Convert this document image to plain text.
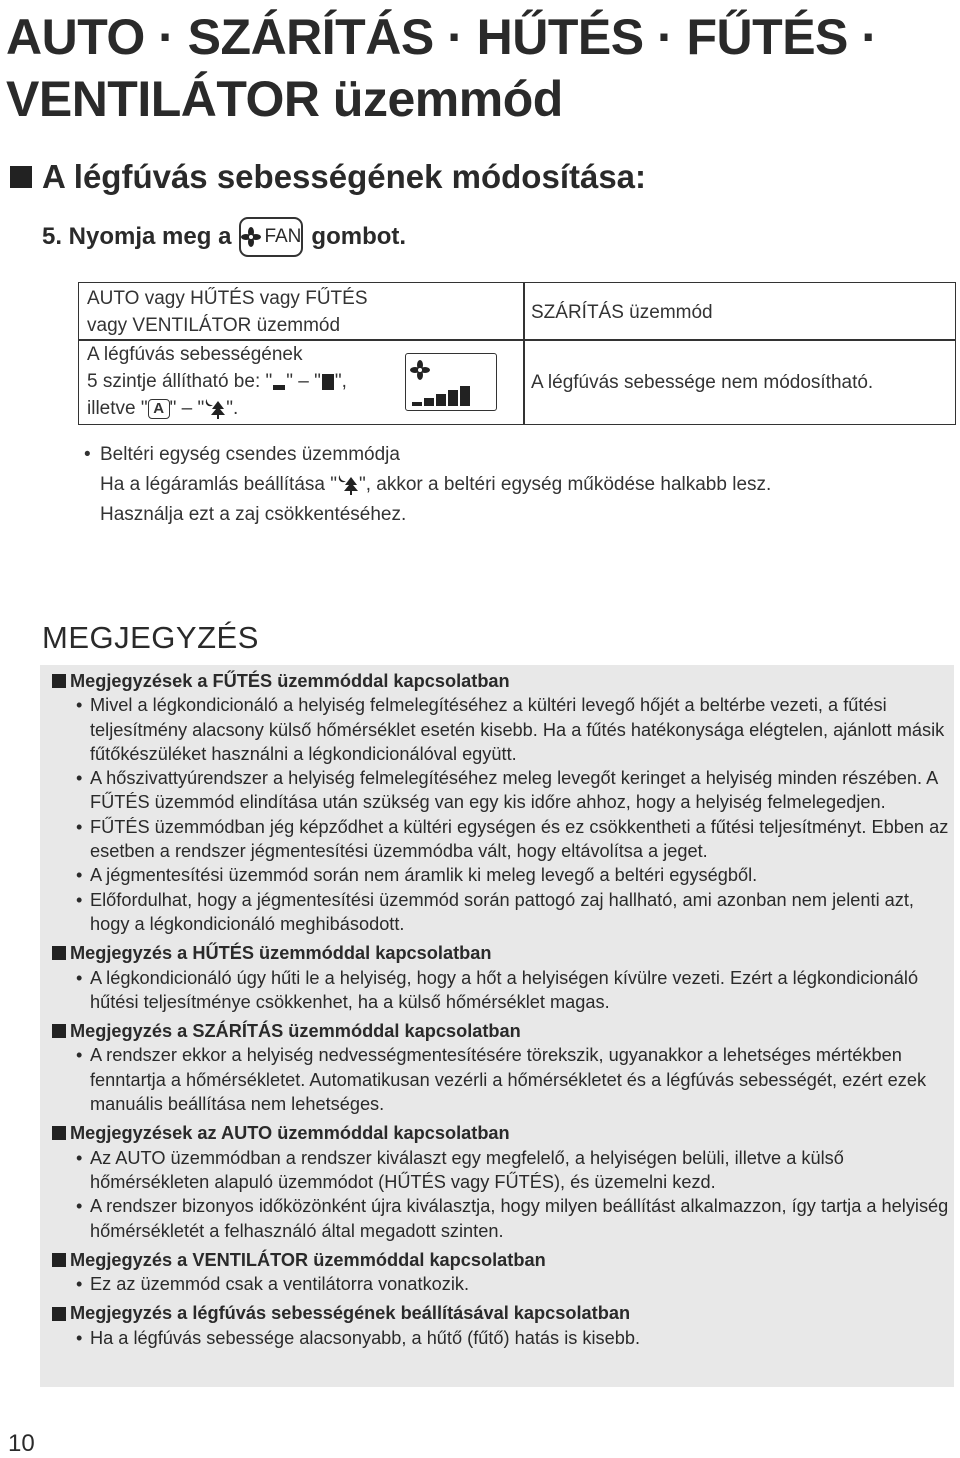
AUTO · SZÁRÍTÁS · HŰTÉS · FŰTÉS ·
VENTILÁTOR üzemmód
A légfúvás sebességének módosítása:
5. Nyomja meg a FAN gombot.
AUTO vagy HŰTÉS vagy FŰTÉS
vagy VENTILÁTOR üzemmód
A légfúvás sebességének
5 szintje állítható be: " " – " ",
illetve " A " – " ".
SZÁRÍTÁS üzemmód
A légfúvás sebessége nem módosítható.
• Beltéri egység csendes üzemmódja
Ha a légáramlás beállítása " ", akkor a beltéri egység működése halkabb lesz.
Használja ezt a zaj csökkentéséhez.
MEGJEGYZÉS
Megjegyzések a FŰTÉS üzemmóddal kapcsolatban
• Mivel a légkondicionáló a helyiség felmelegítéséhez a kültéri levegő hőjét a beltérbe vezeti, a fűtési teljesítmény alacsony külső hőmérséklet esetén kisebb. Ha a fűtés hatékonysága elégtelen, ajánlott másik fűtőkészüléket használni a légkondicionálóval együtt.
• A hőszivattyúrendszer a helyiség felmelegítéséhez meleg levegőt keringet a helyiség minden részében. A FŰTÉS üzemmód elindítása után szükség van egy kis időre ahhoz, hogy a helyiség felmelegedjen.
• FŰTÉS üzemmódban jég képződhet a kültéri egységen és ez csökkentheti a fűtési teljesítményt. Ebben az esetben a rendszer jégmentesítési üzemmódba vált, hogy eltávolítsa a jeget.
• A jégmentesítési üzemmód során nem áramlik ki meleg levegő a beltéri egységből.
• Előfordulhat, hogy a jégmentesítési üzemmód során pattogó zaj hallható, ami azonban nem jelenti azt, hogy a légkondicionáló meghibásodott.
Megjegyzés a HŰTÉS üzemmóddal kapcsolatban
• A légkondicionáló úgy hűti le a helyiség, hogy a hőt a helyiségen kívülre vezeti. Ezért a légkondicionáló hűtési teljesítménye csökkenhet, ha a külső hőmérséklet magas.
Megjegyzés a SZÁRÍTÁS üzemmóddal kapcsolatban
• A rendszer ekkor a helyiség nedvességmentesítésére törekszik, ugyanakkor a lehetséges mértékben fenntartja a hőmérsékletet. Automatikusan vezérli a hőmérsékletet és a légfúvás sebességét, ezért ezek manuális beállítása nem lehetséges.
Megjegyzések az AUTO üzemmóddal kapcsolatban
• Az AUTO üzemmódban a rendszer kiválaszt egy megfelelő, a helyiségen belüli, illetve a külső hőmérsékleten alapuló üzemmódot (HŰTÉS vagy FŰTÉS), és üzemelni kezd.
• A rendszer bizonyos időközönként újra kiválasztja, hogy milyen beállítást alkalmazzon, így tartja a helyiség hőmérsékletét a felhasználó által megadott szinten.
Megjegyzés a VENTILÁTOR üzemmóddal kapcsolatban
• Ez az üzemmód csak a ventilátorra vonatkozik.
Megjegyzés a légfúvás sebességének beállításával kapcsolatban
• Ha a légfúvás sebessége alacsonyabb, a hűtő (fűtő) hatás is kisebb.
10
